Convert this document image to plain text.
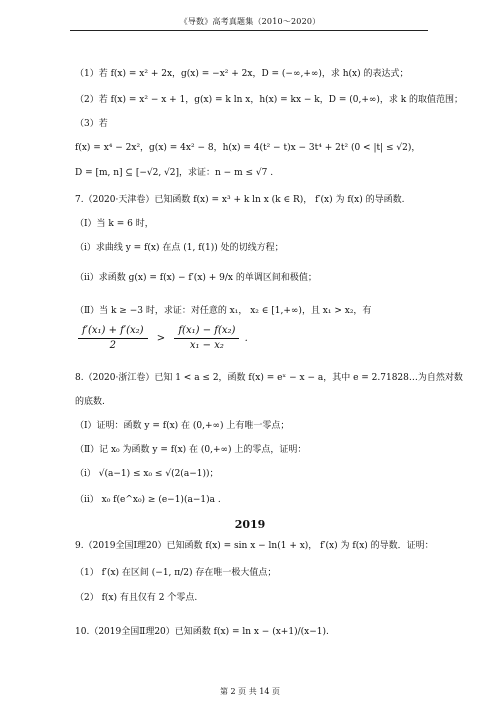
《导数》高考真题集（2010～2020）
（1）若 f(x) = x² + 2x，g(x) = −x² + 2x，D = (−∞,+∞)，求 h(x) 的表达式；
（2）若 f(x) = x² − x + 1，g(x) = k ln x，h(x) = kx − k，D = (0,+∞)，求 k 的取值范围；
（3）若
f(x) = x⁴ − 2x²，g(x) = 4x² − 8，h(x) = 4(t² − t)x − 3t⁴ + 2t² (0 < |t| ≤ √2)，
D = [m, n] ⊆ [−√2, √2]，求证：n − m ≤ √7 .
7.（2020·天津卷）已知函数 f(x) = x³ + k ln x (k ∈ R)， f′(x) 为 f(x) 的导函数.
（Ⅰ）当 k = 6 时，
（i）求曲线 y = f(x) 在点 (1, f(1)) 处的切线方程；
（ii）求函数 g(x) = f(x) − f′(x) + 9/x 的单调区间和极值；
（Ⅱ）当 k ≥ −3 时，求证：对任意的 x₁， x₂ ∈ [1,+∞)，且 x₁ > x₂，有
$\frac{\text{f′(x₁) + f′(x₂)}}{2} > \frac{\text{f(x₁) − f(x₂)}}{\text{x₁ − x₂}}$ .
8.（2020·浙江卷）已知 1 < a ≤ 2，函数 f(x) = eˣ − x − a，其中 e = 2.71828…为自然对数
的底数.
（Ⅰ）证明：函数 y = f(x) 在 (0,+∞) 上有唯一零点；
（Ⅱ）记 x₀ 为函数 y = f(x) 在 (0,+∞) 上的零点，证明：
（ⅰ） √(a−1) ≤ x₀ ≤ √(2(a−1))；
（ⅱ） x₀ f(e^x₀) ≥ (e−1)(a−1)a .
2019
9.（2019全国Ⅰ理20）已知函数 f(x) = sin x − ln(1 + x)， f′(x) 为 f(x) 的导数．证明：
（1） f′(x) 在区间 (−1, π/2) 存在唯一极大值点；
（2） f(x) 有且仅有 2 个零点.
10.（2019全国Ⅱ理20）已知函数 f(x) = ln x − (x+1)/(x−1).
第 2 页 共 14 页
